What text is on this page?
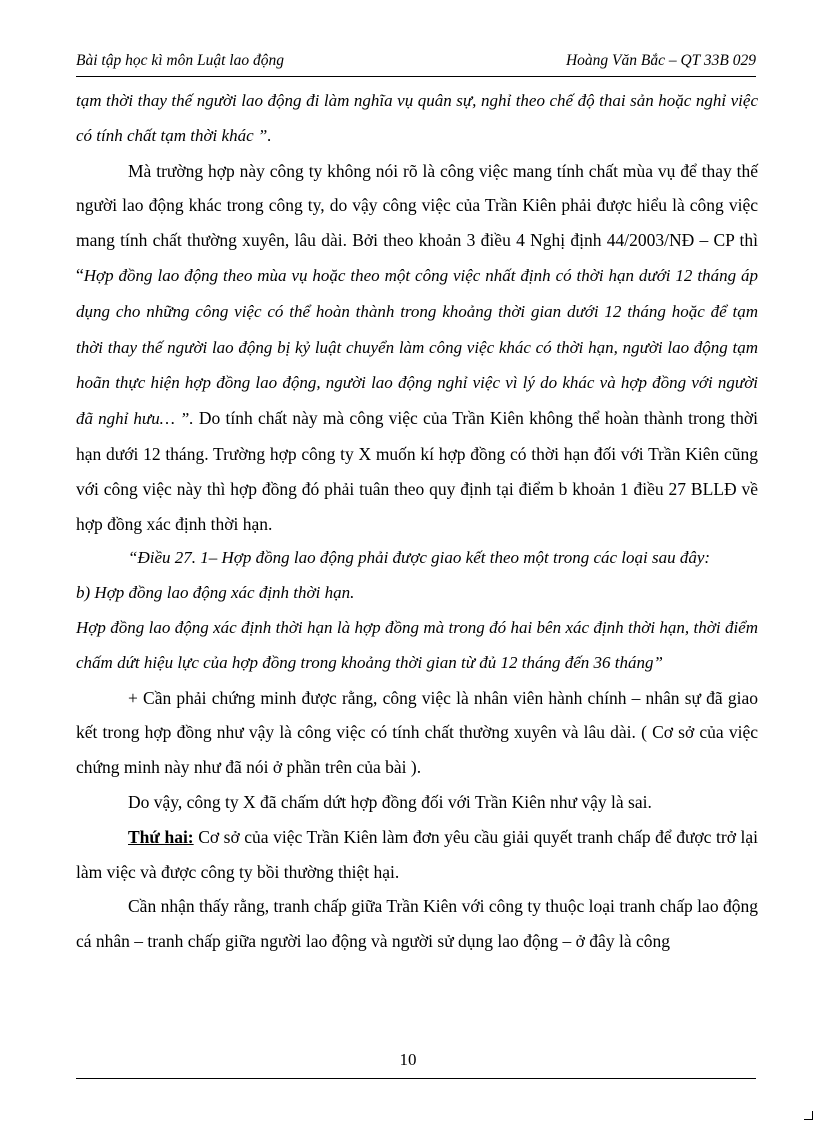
Bài tập học kì môn Luật lao động	Hoàng Văn Bắc – QT 33B 029

tạm thời thay thế người lao động đi làm nghĩa vụ quân sự, nghỉ theo chế độ thai sản hoặc nghỉ việc có tính chất tạm thời khác ”.

Mà trường hợp này công ty không nói rõ là công việc mang tính chất mùa vụ để thay thế người lao động khác trong công ty, do vậy công việc của Trần Kiên phải được hiểu là công việc mang tính chất thường xuyên, lâu dài. Bởi theo khoản 3 điều 4 Nghị định 44/2003/NĐ – CP thì “Hợp đồng lao động theo mùa vụ hoặc theo một công việc nhất định có thời hạn dưới 12 tháng áp dụng cho những công việc có thể hoàn thành trong khoảng thời gian dưới 12 tháng hoặc để tạm thời thay thế người lao động bị kỷ luật chuyển làm công việc khác có thời hạn, người lao động tạm hoãn thực hiện hợp đồng lao động, người lao động nghỉ việc vì lý do khác và hợp đồng với người đã nghỉ hưu… ”. Do tính chất này mà công việc của Trần Kiên không thể hoàn thành trong thời hạn dưới 12 tháng. Trường hợp công ty X muốn kí hợp đồng có thời hạn đối với Trần Kiên cũng với công việc này thì hợp đồng đó phải tuân theo quy định tại điểm b khoản 1 điều 27 BLLĐ về hợp đồng xác định thời hạn.

“Điều 27. 1– Hợp đồng lao động phải được giao kết theo một trong các loại sau đây:

b) Hợp đồng lao động xác định thời hạn.

Hợp đồng lao động xác định thời hạn là hợp đồng mà trong đó hai bên xác định thời hạn, thời điểm chấm dứt hiệu lực của hợp đồng trong khoảng thời gian từ đủ 12 tháng đến 36 tháng”

+ Cần phải chứng minh được rằng, công việc là nhân viên hành chính – nhân sự đã giao kết trong hợp đồng như vậy là công việc có tính chất thường xuyên và lâu dài. ( Cơ sở của việc chứng minh này như đã nói ở phần trên của bài ).

Do vậy, công ty X đã chấm dứt hợp đồng đối với Trần Kiên như vậy là sai.

Thứ hai: Cơ sở của việc Trần Kiên làm đơn yêu cầu giải quyết tranh chấp để được trở lại làm việc và được công ty bồi thường thiệt hại.

Cần nhận thấy rằng, tranh chấp giữa Trần Kiên với công ty thuộc loại tranh chấp lao động cá nhân – tranh chấp giữa người lao động và người sử dụng lao động – ở đây là công

10
